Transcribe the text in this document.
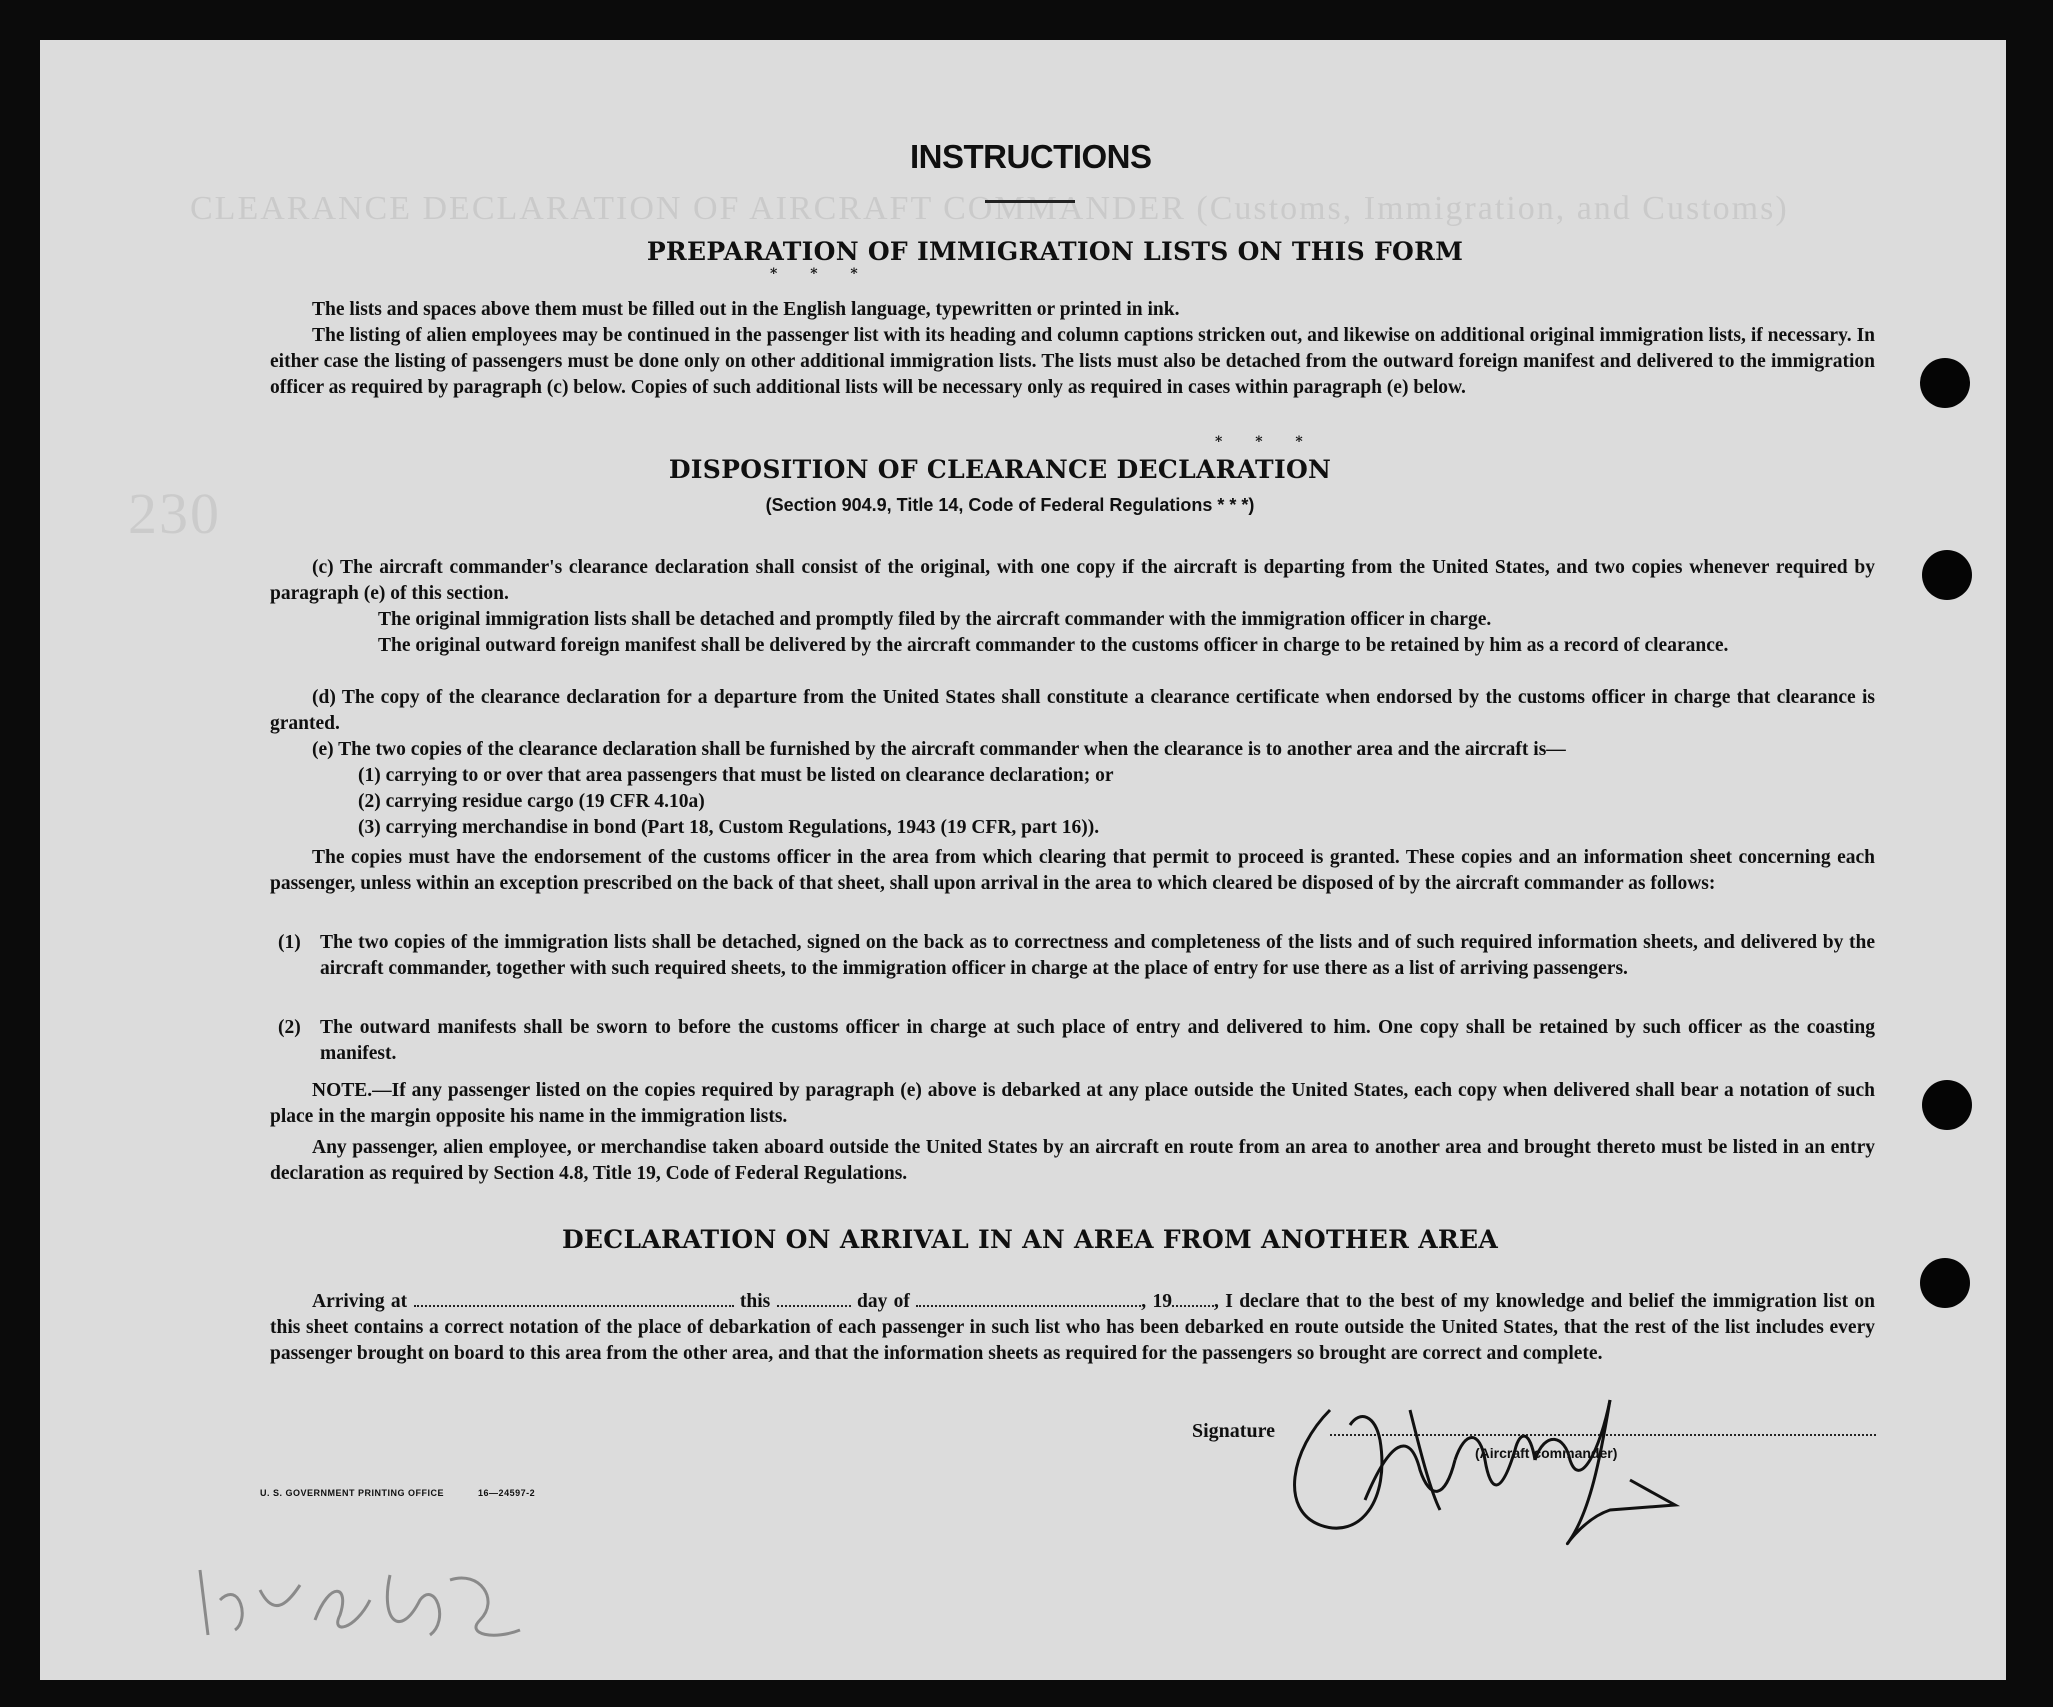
CLEARANCE DECLARATION OF AIRCRAFT COMMANDER (Customs, Immigration, and Customs)
230
INSTRUCTIONS
PREPARATION OF IMMIGRATION LISTS ON THIS FORM
* * *
The lists and spaces above them must be filled out in the English language, typewritten or printed in ink.
The listing of alien employees may be continued in the passenger list with its heading and column captions stricken out, and likewise on additional original immigration lists, if necessary. In either case the listing of passengers must be done only on other additional immigration lists. The lists must also be detached from the outward foreign manifest and delivered to the immigration officer as required by paragraph (c) below. Copies of such additional lists will be necessary only as required in cases within paragraph (e) below.
* * *
DISPOSITION OF CLEARANCE DECLARATION
(Section 904.9, Title 14, Code of Federal Regulations * * *)
(c) The aircraft commander's clearance declaration shall consist of the original, with one copy if the aircraft is departing from the United States, and two copies whenever required by paragraph (e) of this section.
The original immigration lists shall be detached and promptly filed by the aircraft commander with the immigration officer in charge.
The original outward foreign manifest shall be delivered by the aircraft commander to the customs officer in charge to be retained by him as a record of clearance.
(d) The copy of the clearance declaration for a departure from the United States shall constitute a clearance certificate when endorsed by the customs officer in charge that clearance is granted.
(e) The two copies of the clearance declaration shall be furnished by the aircraft commander when the clearance is to another area and the aircraft is—
(1) carrying to or over that area passengers that must be listed on clearance declaration; or
(2) carrying residue cargo (19 CFR 4.10a)
(3) carrying merchandise in bond (Part 18, Custom Regulations, 1943 (19 CFR, part 16)).
The copies must have the endorsement of the customs officer in the area from which clearing that permit to proceed is granted. These copies and an information sheet concerning each passenger, unless within an exception prescribed on the back of that sheet, shall upon arrival in the area to which cleared be disposed of by the aircraft commander as follows:
(1) The two copies of the immigration lists shall be detached, signed on the back as to correctness and completeness of the lists and of such required information sheets, and delivered by the aircraft commander, together with such required sheets, to the immigration officer in charge at the place of entry for use there as a list of arriving passengers.
(2) The outward manifests shall be sworn to before the customs officer in charge at such place of entry and delivered to him. One copy shall be retained by such officer as the coasting manifest.
NOTE.—If any passenger listed on the copies required by paragraph (e) above is debarked at any place outside the United States, each copy when delivered shall bear a notation of such place in the margin opposite his name in the immigration lists.
Any passenger, alien employee, or merchandise taken aboard outside the United States by an aircraft en route from an area to another area and brought thereto must be listed in an entry declaration as required by Section 4.8, Title 19, Code of Federal Regulations.
DECLARATION ON ARRIVAL IN AN AREA FROM ANOTHER AREA
Arriving at	this	day of	, 19 , I declare that to the best of my knowledge and belief the immigration list on this sheet contains a correct notation of the place of debarkation of each passenger in such list who has been debarked en route outside the United States, that the rest of the list includes every passenger brought on board to this area from the other area, and that the information sheets as required for the passengers so brought are correct and complete.
Signature
(Aircraft commander)
U. S. GOVERNMENT PRINTING OFFICE	16—24597-2
